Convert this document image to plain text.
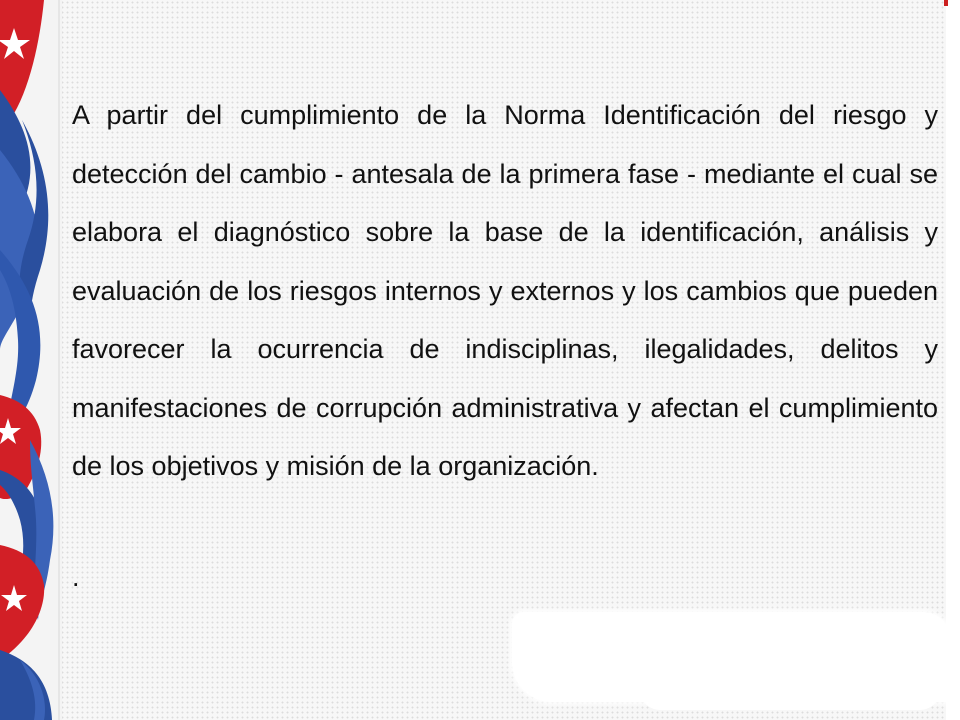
A partir del cumplimiento de la Norma Identificación del riesgo y detección del cambio - antesala de la primera fase - mediante el cual se elabora el diagnóstico sobre la base de la identificación, análisis y evaluación de los riesgos internos y externos y los cambios que pueden favorecer la ocurrencia de indisciplinas, ilegalidades, delitos y manifestaciones de corrupción administrativa y afectan el cumplimiento de los objetivos y misión de la organización.

.
